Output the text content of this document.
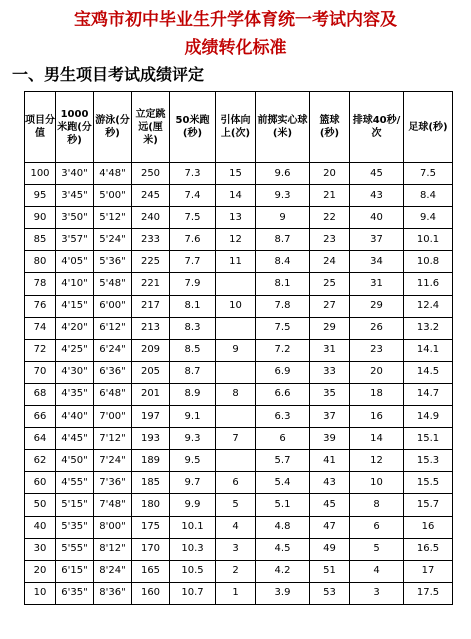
宝鸡市初中毕业生升学体育统一考试内容及
成绩转化标准
一、男生项目考试成绩评定
项目分值	1000米跑(分秒)	游泳(分秒)	立定跳远(厘米)	50米跑(秒)	引体向上(次)	前掷实心球(米)	篮球(秒)	排球40秒/次	足球(秒)
100	3'40"	4'48"	250	7.3	15	9.6	20	45	7.5
95	3'45"	5'00"	245	7.4	14	9.3	21	43	8.4
90	3'50"	5'12"	240	7.5	13	9	22	40	9.4
85	3'57"	5'24"	233	7.6	12	8.7	23	37	10.1
80	4'05"	5'36"	225	7.7	11	8.4	24	34	10.8
78	4'10"	5'48"	221	7.9		8.1	25	31	11.6
76	4'15"	6'00"	217	8.1	10	7.8	27	29	12.4
74	4'20"	6'12"	213	8.3		7.5	29	26	13.2
72	4'25"	6'24"	209	8.5	9	7.2	31	23	14.1
70	4'30"	6'36"	205	8.7		6.9	33	20	14.5
68	4'35"	6'48"	201	8.9	8	6.6	35	18	14.7
66	4'40"	7'00"	197	9.1		6.3	37	16	14.9
64	4'45"	7'12"	193	9.3	7	6	39	14	15.1
62	4'50"	7'24"	189	9.5		5.7	41	12	15.3
60	4'55"	7'36"	185	9.7	6	5.4	43	10	15.5
50	5'15"	7'48"	180	9.9	5	5.1	45	8	15.7
40	5'35"	8'00"	175	10.1	4	4.8	47	6	16
30	5'55"	8'12"	170	10.3	3	4.5	49	5	16.5
20	6'15"	8'24"	165	10.5	2	4.2	51	4	17
10	6'35"	8'36"	160	10.7	1	3.9	53	3	17.5
